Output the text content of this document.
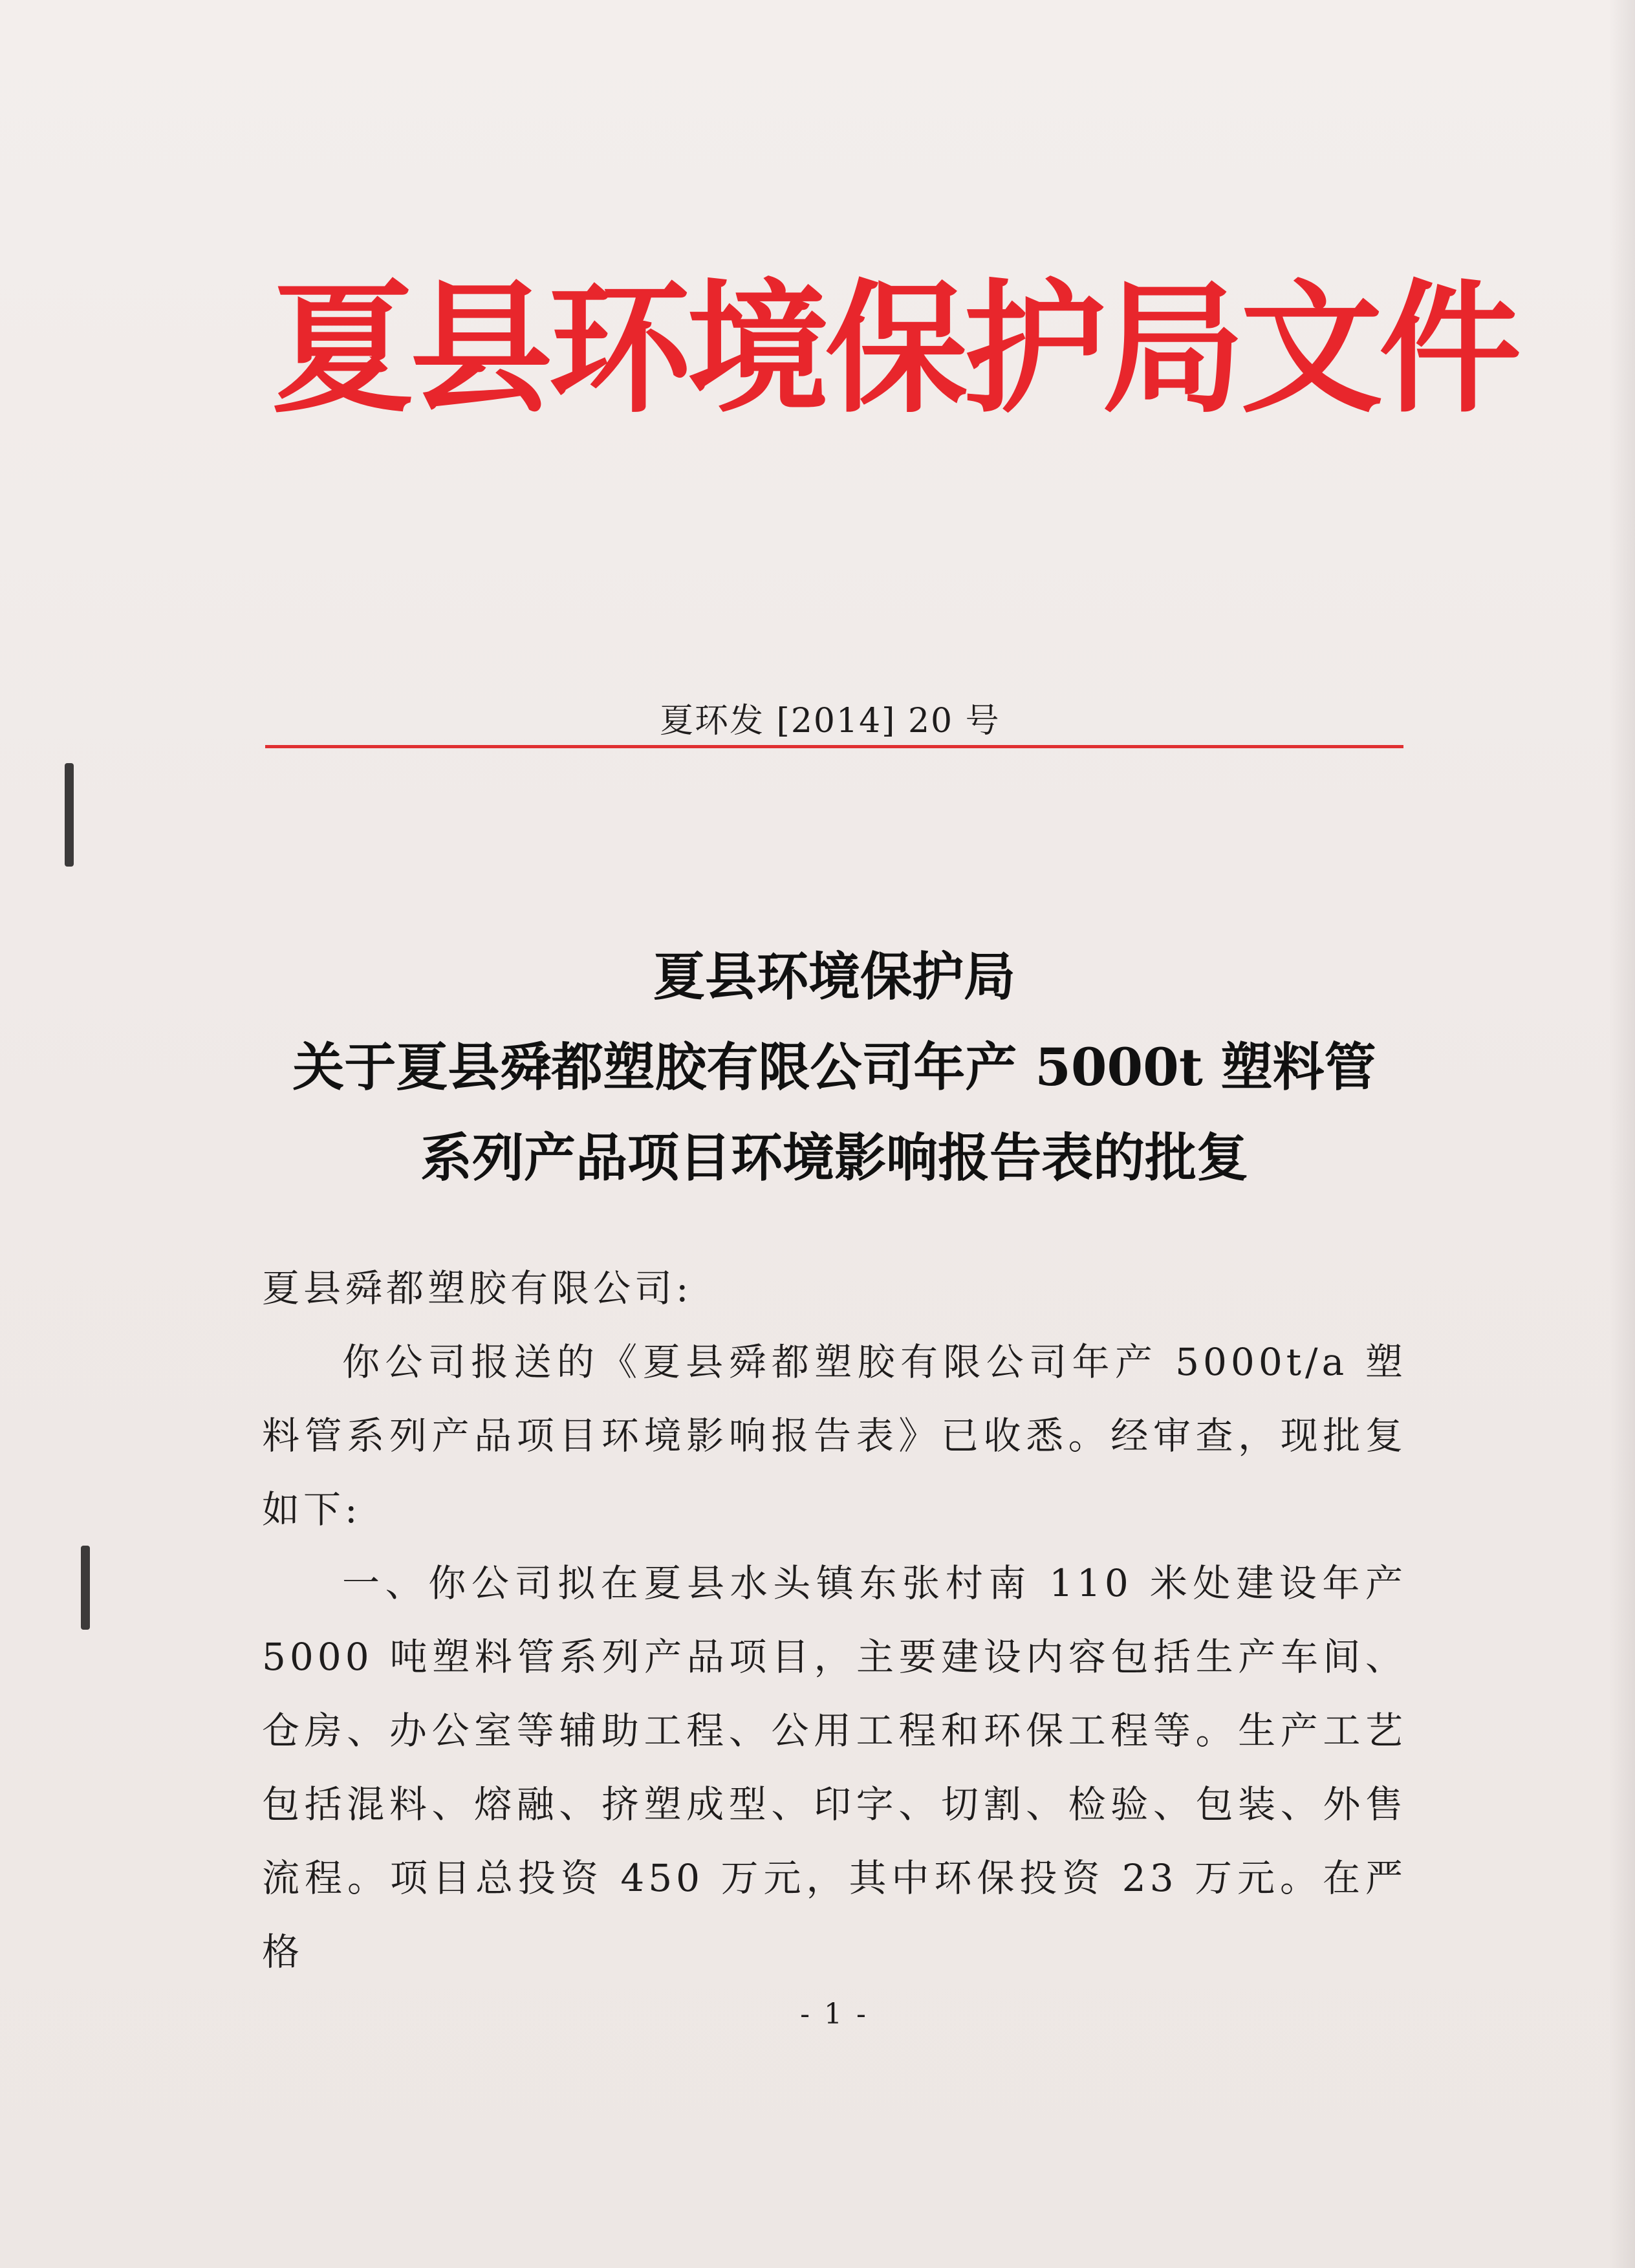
夏县环境保护局文件
夏环发 [2014] 20 号
夏县环境保护局
关于夏县舜都塑胶有限公司年产 5000t 塑料管
系列产品项目环境影响报告表的批复

夏县舜都塑胶有限公司:

你公司报送的《夏县舜都塑胶有限公司年产 5000t/a 塑料管系列产品项目环境影响报告表》已收悉。经审查，现批复如下:

一、你公司拟在夏县水头镇东张村南 110 米处建设年产 5000 吨塑料管系列产品项目，主要建设内容包括生产车间、仓房、办公室等辅助工程、公用工程和环保工程等。生产工艺包括混料、熔融、挤塑成型、印字、切割、检验、包装、外售流程。项目总投资 450 万元，其中环保投资 23 万元。在严格

- 1 -
